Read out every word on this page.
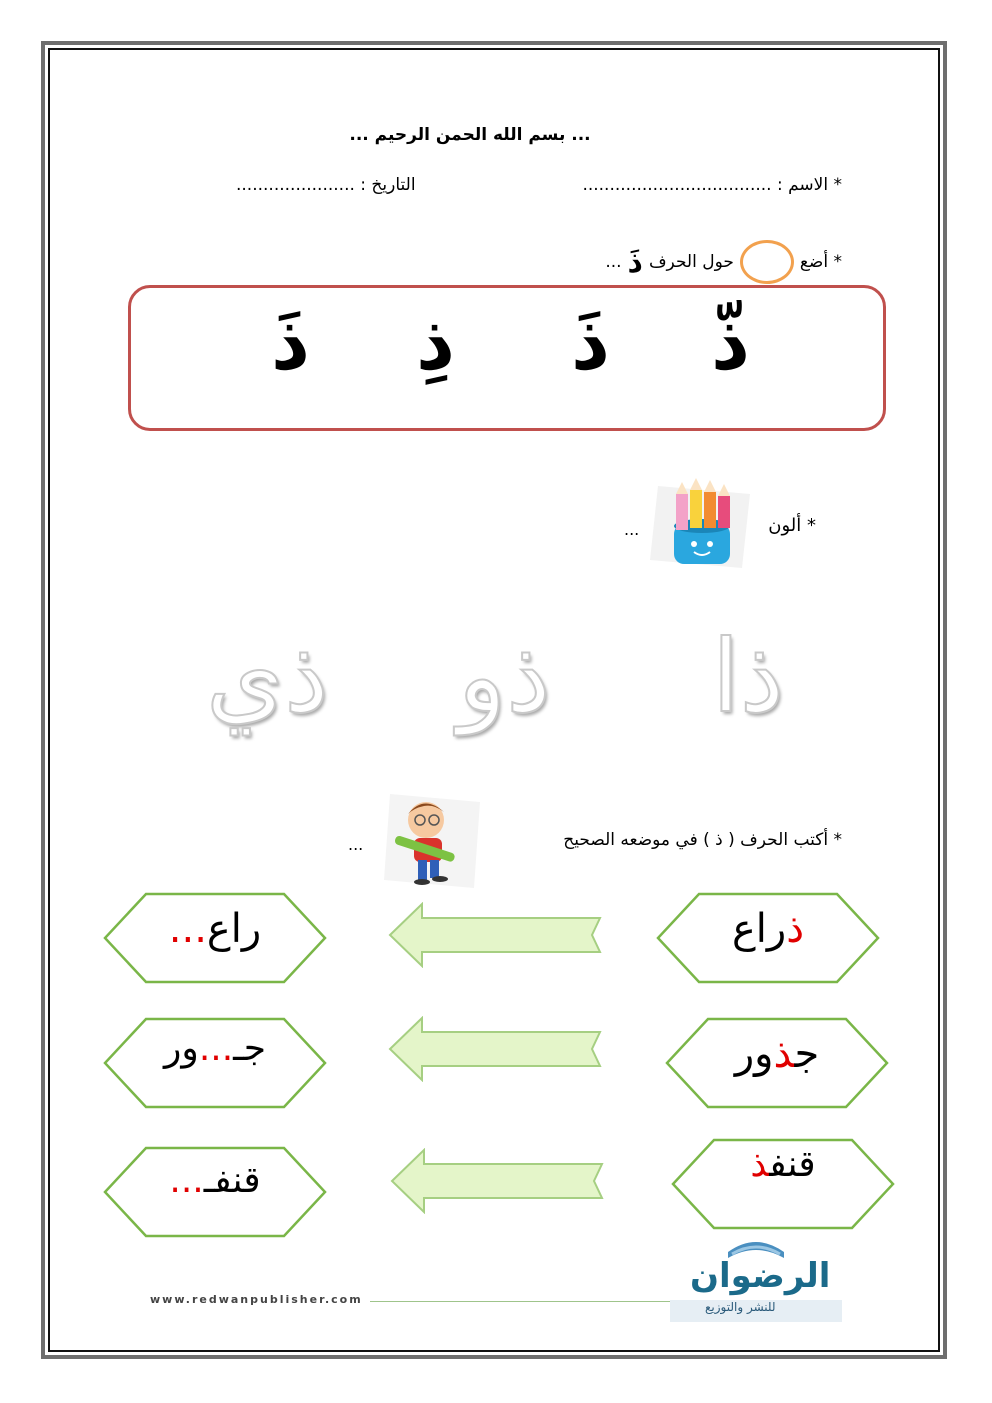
... بسم الله الحمن الرحيم ...
* الاسم : ...................................
التاريخ : ......................
* أضع
حول الحرف
ذَ
...
ذّ
ذَ
ذِ
ذَ
* ألون
...
ذا
ذو
ذي
* أكتب الحرف ( ذ ) في موضعه الصحيح
...
ذراع
راع...
جذور
جـ...ور
قنفذ
قنفـ...
www.redwanpublisher.com
الرضوان
للنشر والتوزيع
